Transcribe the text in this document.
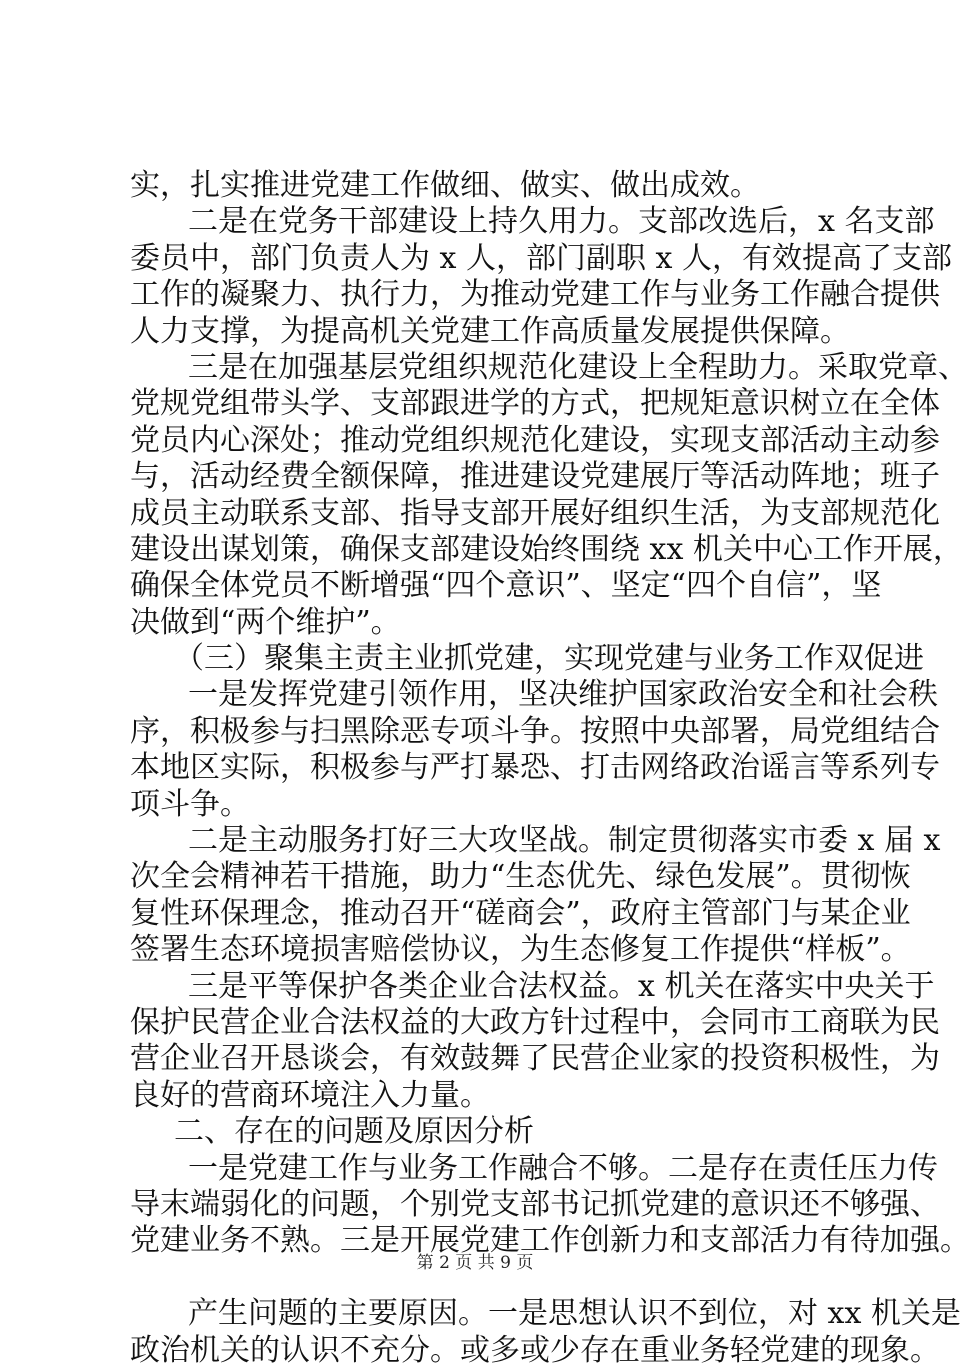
实，扎实推进党建工作做细、做实、做出成效。
二是在党务干部建设上持久用力。支部改选后，x 名支部
委员中，部门负责人为 x 人，部门副职 x 人，有效提高了支部
工作的凝聚力、执行力，为推动党建工作与业务工作融合提供
人力支撑，为提高机关党建工作高质量发展提供保障。
三是在加强基层党组织规范化建设上全程助力。采取党章、
党规党组带头学、支部跟进学的方式，把规矩意识树立在全体
党员内心深处；推动党组织规范化建设，实现支部活动主动参
与，活动经费全额保障，推进建设党建展厅等活动阵地；班子
成员主动联系支部、指导支部开展好组织生活，为支部规范化
建设出谋划策，确保支部建设始终围绕 xx 机关中心工作开展，
确保全体党员不断增强“四个意识”、坚定“四个自信”，坚
决做到“两个维护”。
（三）聚集主责主业抓党建，实现党建与业务工作双促进
一是发挥党建引领作用，坚决维护国家政治安全和社会秩
序，积极参与扫黑除恶专项斗争。按照中央部署，局党组结合
本地区实际，积极参与严打暴恐、打击网络政治谣言等系列专
项斗争。
二是主动服务打好三大攻坚战。制定贯彻落实市委 x 届 x
次全会精神若干措施，助力“生态优先、绿色发展”。贯彻恢
复性环保理念，推动召开“磋商会”，政府主管部门与某企业
签署生态环境损害赔偿协议，为生态修复工作提供“样板”。
三是平等保护各类企业合法权益。x 机关在落实中央关于
保护民营企业合法权益的大政方针过程中，会同市工商联为民
营企业召开恳谈会，有效鼓舞了民营企业家的投资积极性，为
良好的营商环境注入力量。
二、存在的问题及原因分析
一是党建工作与业务工作融合不够。二是存在责任压力传
导末端弱化的问题，个别党支部书记抓党建的意识还不够强、
党建业务不熟。三是开展党建工作创新力和支部活力有待加强。
产生问题的主要原因。一是思想认识不到位，对 xx 机关是
政治机关的认识不充分。或多或少存在重业务轻党建的现象。
第 2 页 共 9 页
